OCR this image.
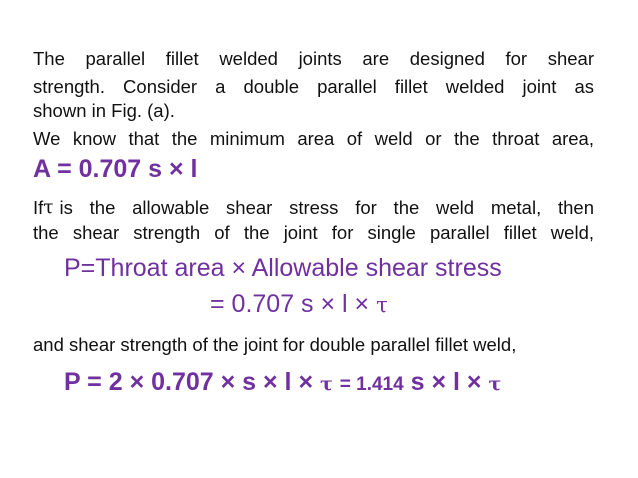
The parallel fillet welded joints are designed for shear
strength. Consider a double parallel fillet welded joint as
shown in Fig. (a).
We know that the minimum area of weld or the throat area,
A = 0.707 s × l
If τ is the allowable shear stress for the weld metal, then
the shear strength of the joint for single parallel fillet weld,
P=Throat area × Allowable shear stress
= 0.707 s × l × τ
and shear strength of the joint for double parallel fillet weld,
P = 2 × 0.707 × s × l × τ = 1.414 s × l × τ
